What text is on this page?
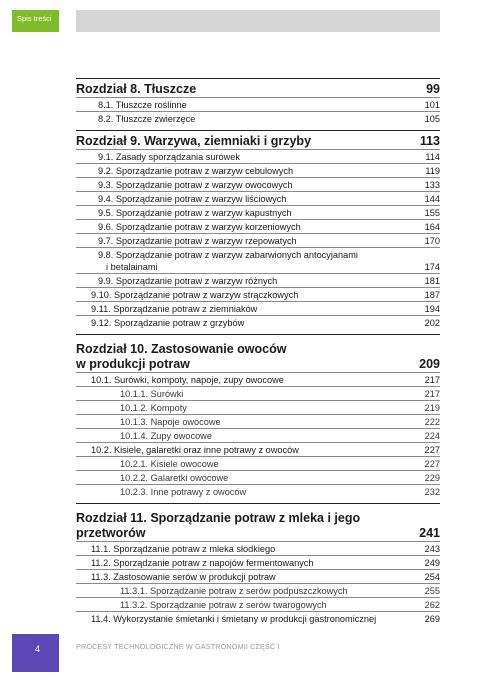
Spis treści
Rozdział 8. Tłuszcze	99
8.1. Tłuszcze roślinne	101
8.2. Tłuszcze zwierzęce	105
Rozdział 9. Warzywa, ziemniaki i grzyby	113
9.1. Zasady sporządzania surówek	114
9.2. Sporządzanie potraw z warzyw cebulowych	119
9.3. Sporządzanie potraw z warzyw owocowych	133
9.4. Sporządzanie potraw z warzyw liściowych	144
9.5. Sporządzanie potraw z warzyw kapustnych	155
9.6. Sporządzanie potraw z warzyw korzeniowych	164
9.7. Sporządzanie potraw z warzyw rzepowatych	170
9.8. Sporządzanie potraw z warzyw zabarwionych antocyjanami
i betalainami	174
9.9. Sporządzanie potraw z warzyw różnych	181
9.10. Sporządzanie potraw z warzyw strączkowych	187
9.11. Sporządzanie potraw z ziemniaków	194
9.12. Sporządzanie potraw z grzybów	202
Rozdział 10. Zastosowanie owoców
w produkcji potraw	209
10.1. Surówki, kompoty, napoje, zupy owocowe	217
10.1.1. Surówki	217
10.1.2. Kompoty	219
10.1.3. Napoje owocowe	222
10.1.4. Zupy owocowe	224
10.2. Kisiele, galaretki oraz inne potrawy z owoców	227
10.2.1. Kisiele owocowe	227
10.2.2. Galaretki owocowe	229
10.2.3. Inne potrawy z owoców	232
Rozdział 11. Sporządzanie potraw z mleka i jego
przetworów	241
11.1. Sporządzanie potraw z mleka słodkiego	243
11.2. Sporządzanie potraw z napojów fermentowanych	249
11.3. Zastosowanie serów w produkcji potraw	254
11.3.1. Sporządzanie potraw z serów podpuszczkowych	255
11.3.2. Sporządzanie potraw z serów twarogowych	262
11.4. Wykorzystanie śmietanki i śmietany w produkcji gastronomicznej	269
4	PROCESY TECHNOLOGICZNE W GASTRONOMII CZĘŚĆ I
